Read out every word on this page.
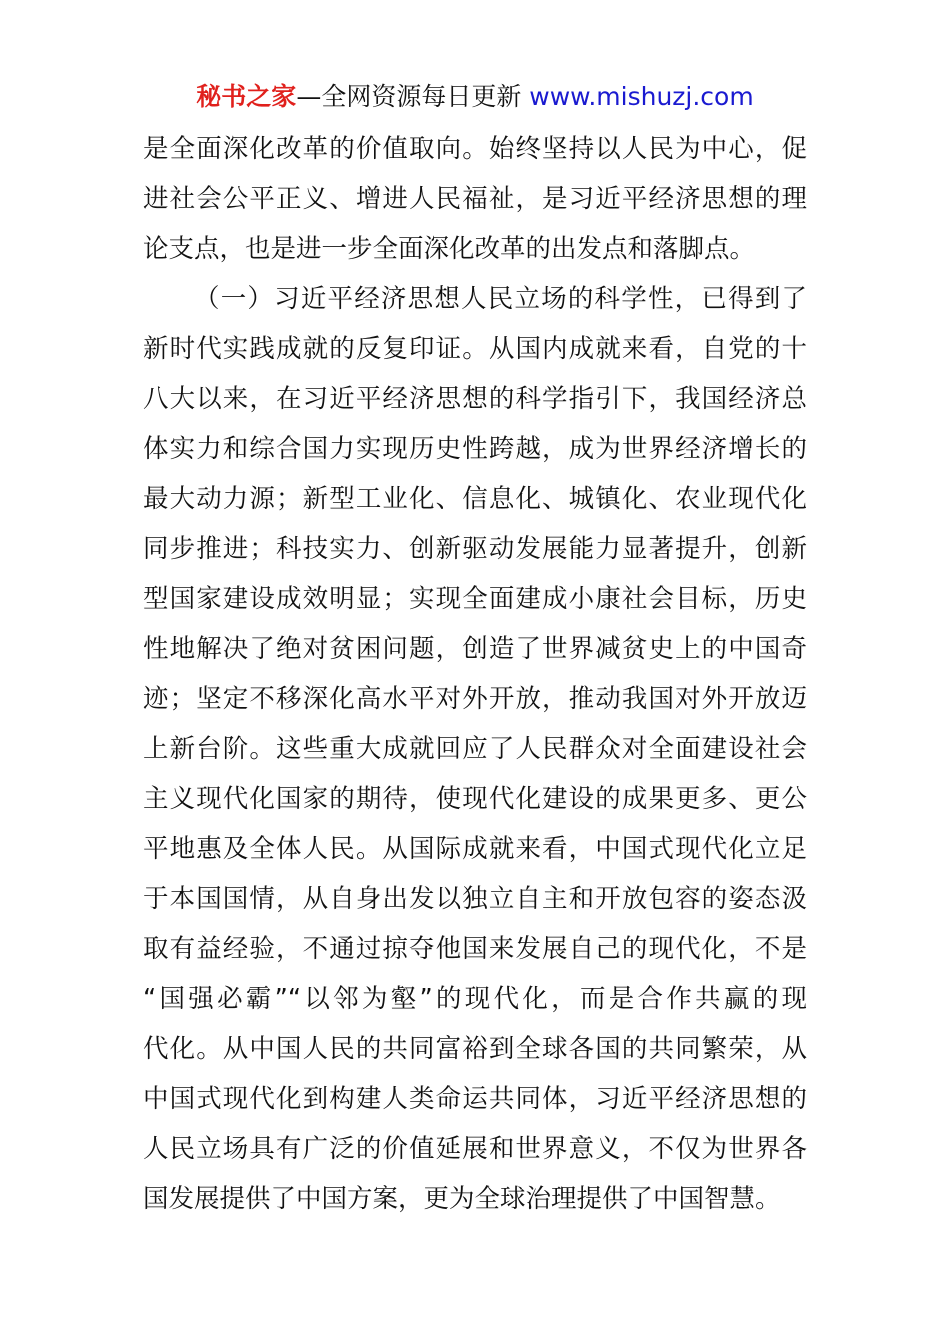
秘书之家—全网资源每日更新 www.mishuzj.com
是全面深化改革的价值取向。始终坚持以人民为中心，促
进社会公平正义、增进人民福祉，是习近平经济思想的理
论支点，也是进一步全面深化改革的出发点和落脚点。
（一）习近平经济思想人民立场的科学性，已得到了
新时代实践成就的反复印证。从国内成就来看，自党的十
八大以来，在习近平经济思想的科学指引下，我国经济总
体实力和综合国力实现历史性跨越，成为世界经济增长的
最大动力源；新型工业化、信息化、城镇化、农业现代化
同步推进；科技实力、创新驱动发展能力显著提升，创新
型国家建设成效明显；实现全面建成小康社会目标，历史
性地解决了绝对贫困问题，创造了世界减贫史上的中国奇
迹；坚定不移深化高水平对外开放，推动我国对外开放迈
上新台阶。这些重大成就回应了人民群众对全面建设社会
主义现代化国家的期待，使现代化建设的成果更多、更公
平地惠及全体人民。从国际成就来看，中国式现代化立足
于本国国情，从自身出发以独立自主和开放包容的姿态汲
取有益经验，不通过掠夺他国来发展自己的现代化，不是
“国强必霸”“以邻为壑”的现代化，而是合作共赢的现
代化。从中国人民的共同富裕到全球各国的共同繁荣，从
中国式现代化到构建人类命运共同体，习近平经济思想的
人民立场具有广泛的价值延展和世界意义，不仅为世界各
国发展提供了中国方案，更为全球治理提供了中国智慧。
